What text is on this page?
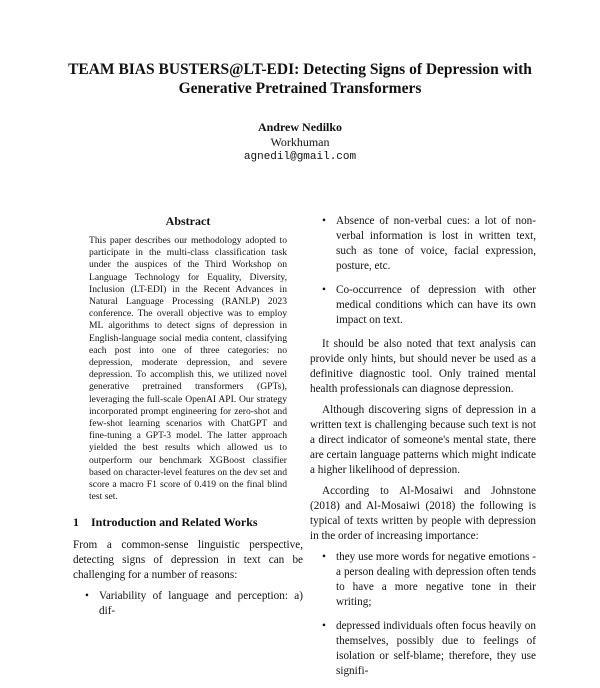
TEAM BIAS BUSTERS@LT-EDI: Detecting Signs of Depression with
Generative Pretrained Transformers
Andrew Nedilko
Workhuman
agnedil@gmail.com
Abstract
This paper describes our methodology adopted to participate in the multi-class classification task under the auspices of the Third Workshop on Language Technology for Equality, Diversity, Inclusion (LT-EDI) in the Recent Advances in Natural Language Processing (RANLP) 2023 conference. The overall objective was to employ ML algorithms to detect signs of depression in English-language social media content, classifying each post into one of three categories: no depression, moderate depression, and severe depression. To accomplish this, we utilized novel generative pretrained transformers (GPTs), leveraging the full-scale OpenAI API. Our strategy incorporated prompt engineering for zero-shot and few-shot learning scenarios with ChatGPT and fine-tuning a GPT-3 model. The latter approach yielded the best results which allowed us to outperform our benchmark XGBoost classifier based on character-level features on the dev set and score a macro F1 score of 0.419 on the final blind test set.
1 Introduction and Related Works

From a common-sense linguistic perspective, detecting signs of depression in text can be challenging for a number of reasons:

• Variability of language and perception: a) dif-
• Absence of non-verbal cues: a lot of non-verbal information is lost in written text, such as tone of voice, facial expression, posture, etc.
• Co-occurrence of depression with other medical conditions which can have its own impact on text.

It should be also noted that text analysis can provide only hints, but should never be used as a definitive diagnostic tool. Only trained mental health professionals can diagnose depression.

Although discovering signs of depression in a written text is challenging because such text is not a direct indicator of someone's mental state, there are certain language patterns which might indicate a higher likelihood of depression.

According to Al-Mosaiwi and Johnstone (2018) and Al-Mosaiwi (2018) the following is typical of texts written by people with depression in the order of increasing importance:

• they use more words for negative emotions - a person dealing with depression often tends to have a more negative tone in their writing;
• depressed individuals often focus heavily on themselves, possibly due to feelings of isolation or self-blame; therefore, they use signifi-
